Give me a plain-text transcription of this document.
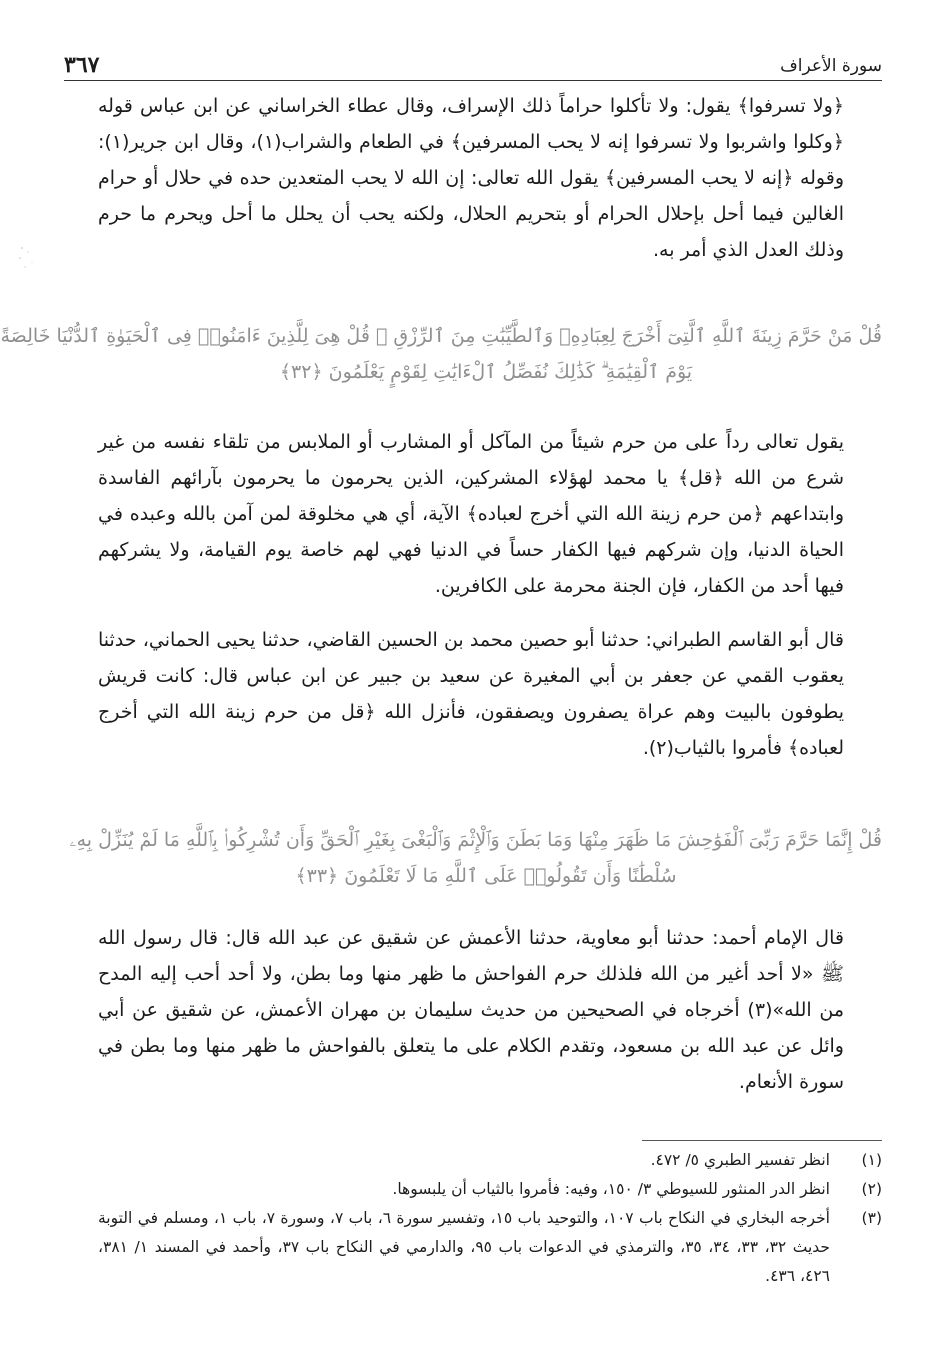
سورة الأعراف
٣٦٧

﴿ولا تسرفوا﴾ يقول: ولا تأكلوا حراماً ذلك الإسراف، وقال عطاء الخراساني عن ابن عباس قوله ﴿وكلوا واشربوا ولا تسرفوا إنه لا يحب المسرفين﴾ في الطعام والشراب(١)، وقال ابن جرير(١): وقوله ﴿إنه لا يحب المسرفين﴾ يقول الله تعالى: إن الله لا يحب المتعدين حده في حلال أو حرام الغالين فيما أحل بإحلال الحرام أو بتحريم الحلال، ولكنه يحب أن يحلل ما أحل ويحرم ما حرم وذلك العدل الذي أمر به.

قُلْ مَنْ حَرَّمَ زِينَةَ ٱللَّهِ ٱلَّتِىٓ أَخْرَجَ لِعِبَادِهِۦ وَٱلطَّيِّبَٰتِ مِنَ ٱلرِّزْقِ ۚ قُلْ هِىَ لِلَّذِينَ ءَامَنُوا۟ فِى ٱلْحَيَوٰةِ ٱلدُّنْيَا خَالِصَةً
يَوْمَ ٱلْقِيَٰمَةِ ۗ كَذَٰلِكَ نُفَصِّلُ ٱلْءَايَٰتِ لِقَوْمٍ يَعْلَمُونَ ﴿٣٢﴾

يقول تعالى رداً على من حرم شيئاً من المآكل أو المشارب أو الملابس من تلقاء نفسه من غير شرع من الله ﴿قل﴾ يا محمد لهؤلاء المشركين، الذين يحرمون ما يحرمون بآرائهم الفاسدة وابتداعهم ﴿من حرم زينة الله التي أخرج لعباده﴾ الآية، أي هي مخلوقة لمن آمن بالله وعبده في الحياة الدنيا، وإن شركهم فيها الكفار حساً في الدنيا فهي لهم خاصة يوم القيامة، ولا يشركهم فيها أحد من الكفار، فإن الجنة محرمة على الكافرين.

قال أبو القاسم الطبراني: حدثنا أبو حصين محمد بن الحسين القاضي، حدثنا يحيى الحماني، حدثنا يعقوب القمي عن جعفر بن أبي المغيرة عن سعيد بن جبير عن ابن عباس قال: كانت قريش يطوفون بالبيت وهم عراة يصفرون ويصفقون، فأنزل الله ﴿قل من حرم زينة الله التي أخرج لعباده﴾ فأمروا بالثياب(٢).

قُلْ إِنَّمَا حَرَّمَ رَبِّىَ ٱلْفَوَٰحِشَ مَا ظَهَرَ مِنْهَا وَمَا بَطَنَ وَٱلْإِثْمَ وَٱلْبَغْىَ بِغَيْرِ ٱلْحَقِّ وَأَن تُشْرِكُوا۟ بِٱللَّهِ مَا لَمْ يُنَزِّلْ بِهِۦ
سُلْطَٰنًا وَأَن تَقُولُوا۟ عَلَى ٱللَّهِ مَا لَا تَعْلَمُونَ ﴿٣٣﴾

قال الإمام أحمد: حدثنا أبو معاوية، حدثنا الأعمش عن شقيق عن عبد الله قال: قال رسول الله ﷺ «لا أحد أغير من الله فلذلك حرم الفواحش ما ظهر منها وما بطن، ولا أحد أحب إليه المدح من الله»(٣) أخرجاه في الصحيحين من حديث سليمان بن مهران الأعمش، عن شقيق عن أبي وائل عن عبد الله بن مسعود، وتقدم الكلام على ما يتعلق بالفواحش ما ظهر منها وما بطن في سورة الأنعام.

(١)
انظر تفسير الطبري ٥/ ٤٧٢.
(٢)
انظر الدر المنثور للسيوطي ٣/ ١٥٠، وفيه: فأمروا بالثياب أن يلبسوها.
(٣)
أخرجه البخاري في النكاح باب ١٠٧، والتوحيد باب ١٥، وتفسير سورة ٦، باب ٧، وسورة ٧، باب ١، ومسلم في التوبة حديث ٣٢، ٣٣، ٣٤، ٣٥، والترمذي في الدعوات باب ٩٥، والدارمي في النكاح باب ٣٧، وأحمد في المسند ١/ ٣٨١، ٤٢٦، ٤٣٦.
